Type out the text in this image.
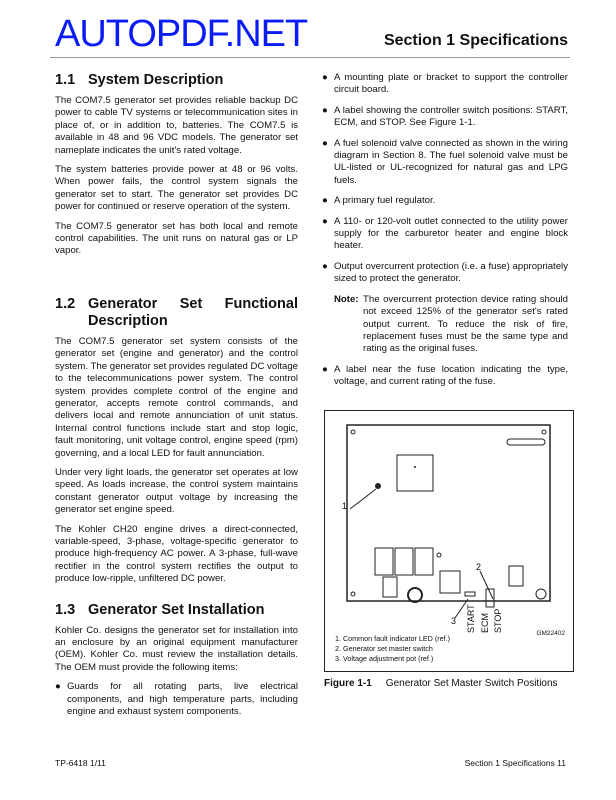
Section 1 Specifications
1.1 System Description

The COM7.5 generator set provides reliable backup DC power to cable TV systems or telecommunication sites in place of, or in addition to, batteries. The COM7.5 is available in 48 and 96 VDC models. The generator set nameplate indicates the unit's rated voltage.

The system batteries provide power at 48 or 96 volts. When power fails, the control system signals the generator set to start. The generator set provides DC power for continued or reserve operation of the system.

The COM7.5 generator set has both local and remote control capabilities. The unit runs on natural gas or LP vapor.

1.2 Generator Set Functional Description

The COM7.5 generator set system consists of the generator set (engine and generator) and the control system. The generator set provides regulated DC voltage to the telecommunications power system. The control system provides complete control of the engine and generator, accepts remote control commands, and delivers local and remote annunciation of unit status. Internal control functions include start and stop logic, fault monitoring, unit voltage control, engine speed (rpm) governing, and a local LED for fault annunciation.

Under very light loads, the generator set operates at low speed. As loads increase, the control system maintains constant generator output voltage by increasing the generator set engine speed.

The Kohler CH20 engine drives a direct-connected, variable-speed, 3-phase, voltage-specific generator to produce high-frequency AC power. A 3-phase, full-wave rectifier in the control system rectifies the output to produce low-ripple, unfiltered DC power.

1.3 Generator Set Installation

Kohler Co. designs the generator set for installation into an enclosure by an original equipment manufacturer (OEM). Kohler Co. must review the installation details. The OEM must provide the following items:

● Guards for all rotating parts, live electrical components, and high temperature parts, including engine and exhaust system components.
● A mounting plate or bracket to support the controller circuit board.
● A label showing the controller switch positions: START, ECM, and STOP. See Figure 1-1.
● A fuel solenoid valve connected as shown in the wiring diagram in Section 8. The fuel solenoid valve must be UL-listed or UL-recognized for natural gas and LPG fuels.
● A primary fuel regulator.
● A 110- or 120-volt outlet connected to the utility power supply for the carburetor heater and engine block heater.
● Output overcurrent protection (i.e. a fuse) appropriately sized to protect the generator.
Note: The overcurrent protection device rating should not exceed 125% of the generator set's rated output current. To reduce the risk of fire, replacement fuses must be the same type and rating as the original fuses.
● A label near the fuse location indicating the type, voltage, and current rating of the fuse.
1
2
3 START ECM STOP
GM22402
1. Common fault indicator LED (ref.)
2. Generator set master switch
3. Voltage adjustment pot (ref.)
Figure 1-1 Generator Set Master Switch Positions
AUTOPDF.NET
TP-6418 1/11	Section 1 Specifications 11
